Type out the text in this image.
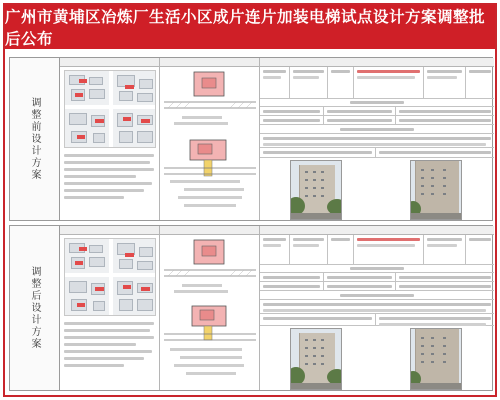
广州市黄埔区冶炼厂生活小区成片连片加装电梯试点设计方案调整批后公布
调整前设计方案
调整后设计方案
